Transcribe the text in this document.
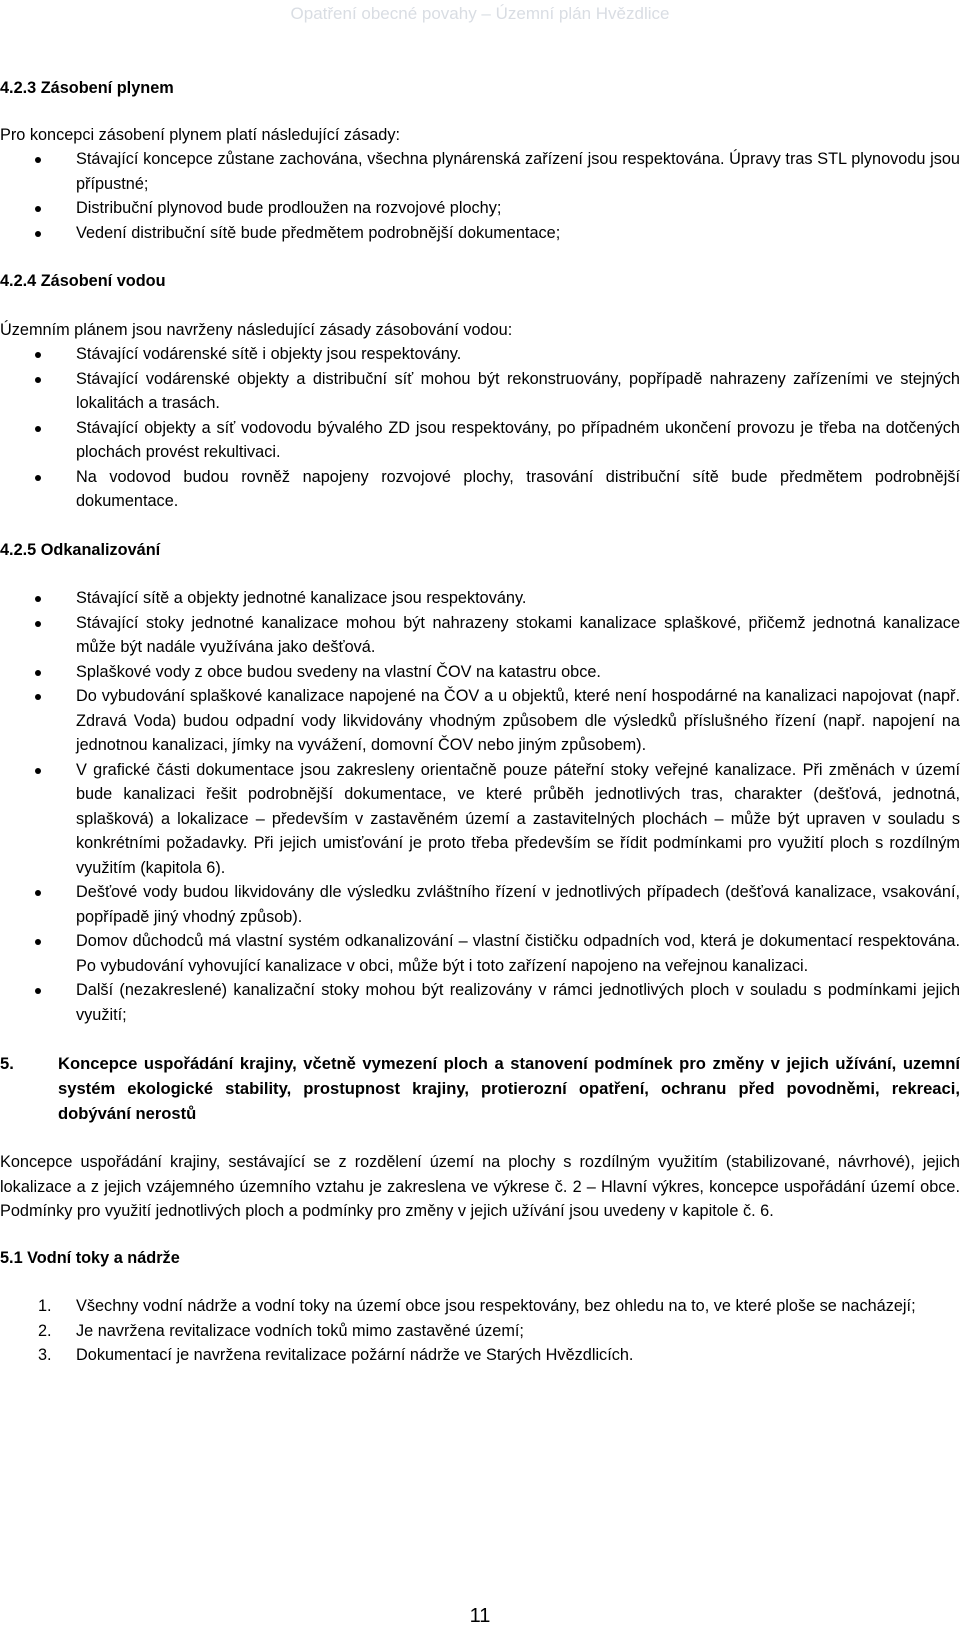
Opatření obecné povahy – Územní plán Hvězdlice
4.2.3 Zásobení plynem

Pro koncepci zásobení plynem platí následující zásady:

Stávající koncepce zůstane zachována, všechna plynárenská zařízení jsou respektována. Úpravy tras STL plynovodu jsou přípustné;
Distribuční plynovod bude prodloužen na rozvojové plochy;
Vedení distribuční sítě bude předmětem podrobnější dokumentace;
4.2.4 Zásobení vodou

Územním plánem jsou navrženy následující zásady zásobování vodou:

Stávající vodárenské sítě i objekty jsou respektovány.
Stávající vodárenské objekty a distribuční síť mohou být rekonstruovány, popřípadě nahrazeny zařízeními ve stejných lokalitách a trasách.
Stávající objekty a síť vodovodu bývalého ZD jsou respektovány, po případném ukončení provozu je třeba na dotčených plochách provést rekultivaci.
Na vodovod budou rovněž napojeny rozvojové plochy, trasování distribuční sítě bude předmětem podrobnější dokumentace.
4.2.5 Odkanalizování
Stávající sítě a objekty jednotné kanalizace jsou respektovány.
Stávající stoky jednotné kanalizace mohou být nahrazeny stokami kanalizace splaškové, přičemž jednotná kanalizace může být nadále využívána jako dešťová.
Splaškové vody z obce budou svedeny na vlastní ČOV na katastru obce.
Do vybudování splaškové kanalizace napojené na ČOV a u objektů, které není hospodárné na kanalizaci napojovat (např. Zdravá Voda) budou odpadní vody likvidovány vhodným způsobem dle výsledků příslušného řízení (např. napojení na jednotnou kanalizaci, jímky na vyvážení, domovní ČOV nebo jiným způsobem).
V grafické části dokumentace jsou zakresleny orientačně pouze páteřní stoky veřejné kanalizace. Při změnách v území bude kanalizaci řešit podrobnější dokumentace, ve které průběh jednotlivých tras, charakter (dešťová, jednotná, splašková) a lokalizace – především v zastavěném území a zastavitelných plochách – může být upraven v souladu s konkrétními požadavky. Při jejich umisťování je proto třeba především se řídit podmínkami pro využití ploch s rozdílným využitím (kapitola 6).
Dešťové vody budou likvidovány dle výsledku zvláštního řízení v jednotlivých případech (dešťová kanalizace, vsakování, popřípadě jiný vhodný způsob).
Domov důchodců má vlastní systém odkanalizování – vlastní čističku odpadních vod, která je dokumentací respektována. Po vybudování vyhovující kanalizace v obci, může být i toto zařízení napojeno na veřejnou kanalizaci.
Další (nezakreslené) kanalizační stoky mohou být realizovány v rámci jednotlivých ploch v souladu s podmínkami jejich využití;
5.	Koncepce uspořádání krajiny, včetně vymezení ploch a stanovení podmínek pro změny v jejich užívání, uzemní systém ekologické stability, prostupnost krajiny, protierozní opatření, ochranu před povodněmi, rekreaci, dobývání nerostů

Koncepce uspořádání krajiny, sestávající se z rozdělení území na plochy s rozdílným využitím (stabilizované, návrhové), jejich lokalizace a z jejich vzájemného územního vztahu je zakreslena ve výkrese č. 2 – Hlavní výkres, koncepce uspořádání území obce. Podmínky pro využití jednotlivých ploch a podmínky pro změny v jejich užívání jsou uvedeny v kapitole č. 6.

5.1 Vodní toky a nádrže
1. Všechny vodní nádrže a vodní toky na území obce jsou respektovány, bez ohledu na to, ve které ploše se nacházejí;
2. Je navržena revitalizace vodních toků mimo zastavěné území;
3. Dokumentací je navržena revitalizace požární nádrže ve Starých Hvězdlicích.
11
